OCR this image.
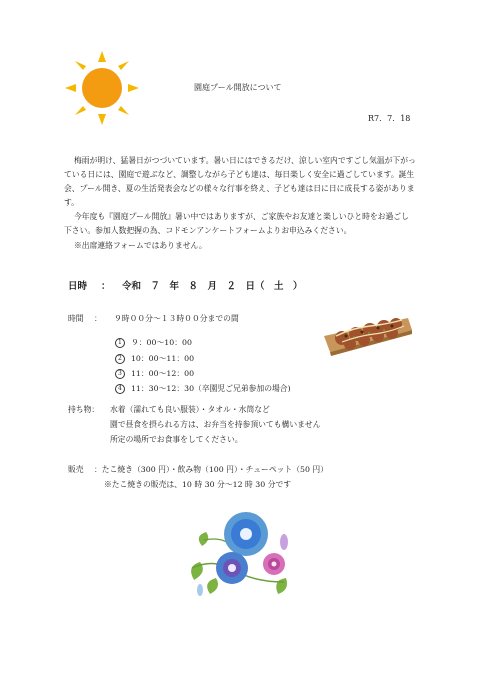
園庭プール開放について
R7．7．18

梅雨が明け、猛暑日がつづいています。暑い日にはできるだけ、涼しい室内ですごし気温が下がっている日には、園庭で遊ぶなど、調整しながら子ども達は、毎日楽しく安全に過ごしています。誕生会、プール開き、夏の生活発表会などの様々な行事を終え、子ども達は日に日に成長する姿があります。

今年度も『園庭プール開放』暑い中ではありますが、ご家族やお友達と楽しいひと時をお過ごし下さい。参加人数把握の為、コドモンアンケートフォームよりお申込みください。

※出席連絡フォームではありません。
日時 ： 令和　７　年　８　月　２　日（　土　）
時間 ： ９時００分～１３時００分までの間

1 ９：00～10：00

2 10：00～11：00

3 11：00～12：00

4 11：30～12：30（卒園児ご兄弟参加の場合)

持ち物： 水着（濡れても良い服装）・タオル・水筒など
園で昼食を摂られる方は、お弁当を持参頂いても構いません
所定の場所でお食事をしてください。
販売 ：たこ焼き（300 円）・飲み物（100 円）・チューペット（50 円）
※たこ焼きの販売は、10 時 30 分～12 時 30 分です
